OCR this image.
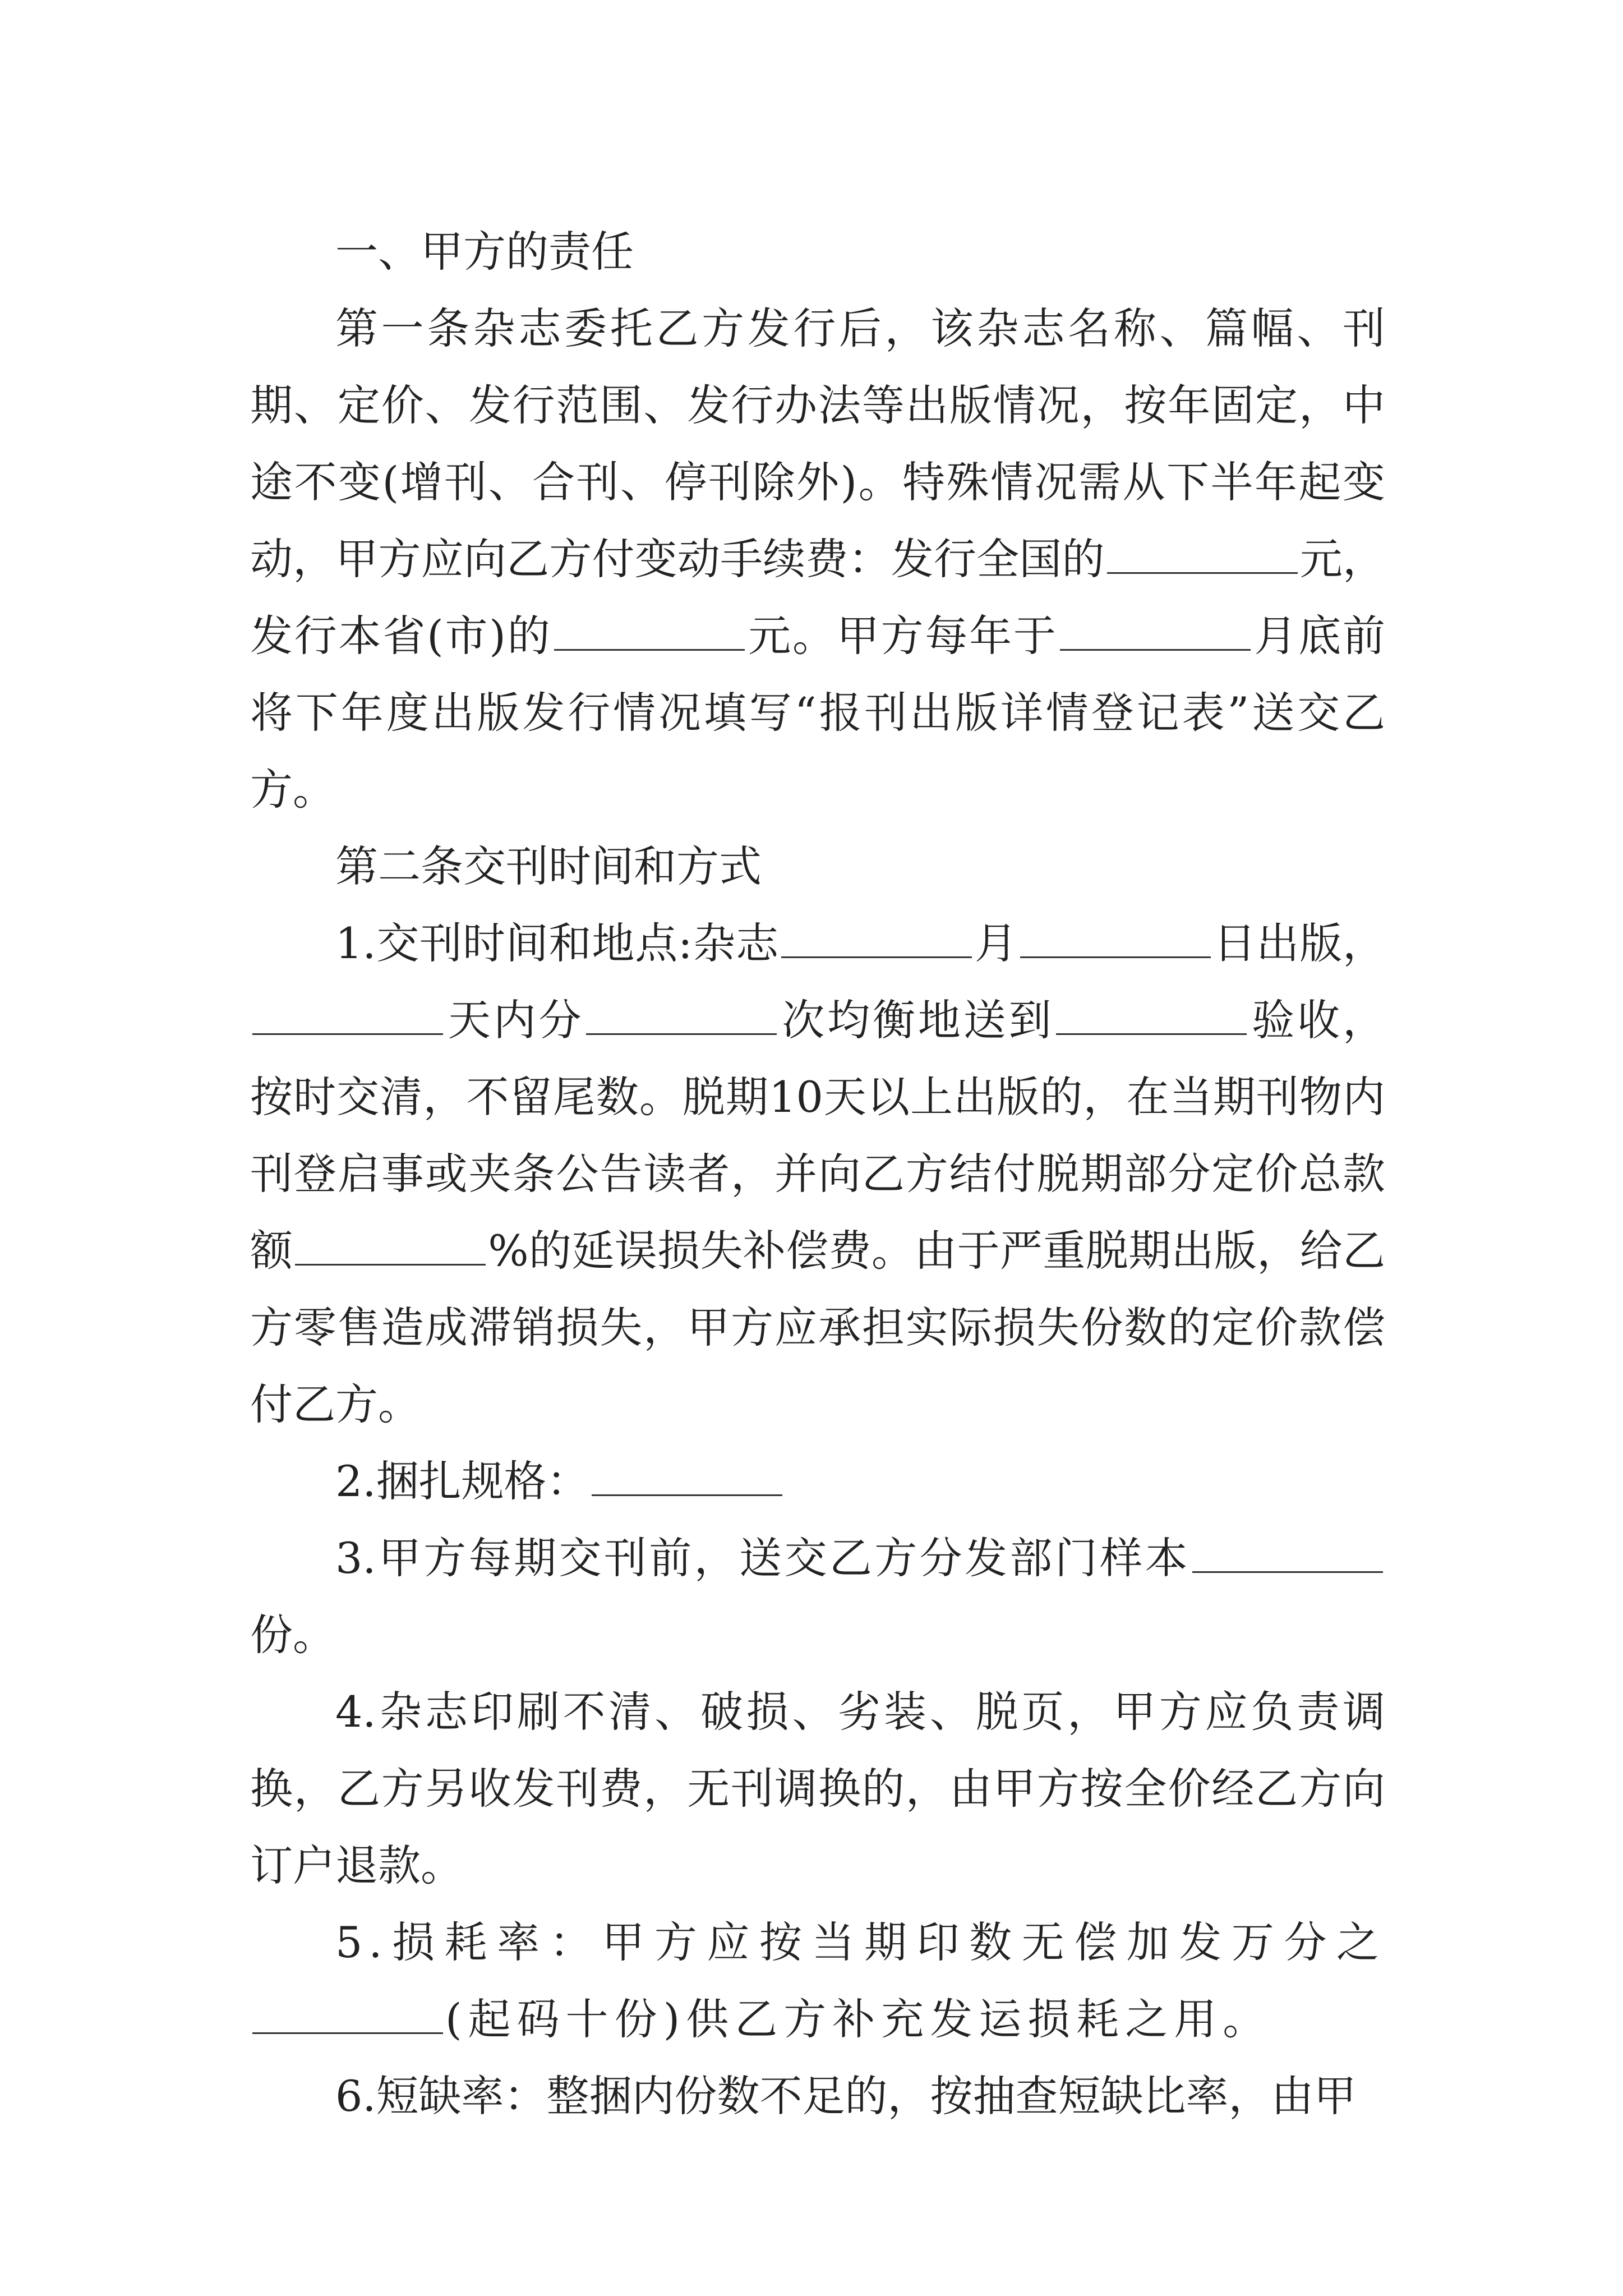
一、甲方的责任

第一条杂志委托乙方发行后，该杂志名称、篇幅、刊期、定价、发行范围、发行办法等出版情况，按年固定，中途不变(增刊、合刊、停刊除外)。特殊情况需从下半年起变动，甲方应向乙方付变动手续费：发行全国的	元，发行本省(市)的	元。甲方每年于	月底前将下年度出版发行情况填写“报刊出版详情登记表”送交乙方。

第二条交刊时间和方式

1.交刊时间和地点:杂志	月	日出版，天内分	次均衡地送到	验收，按时交清，不留尾数。脱期10天以上出版的，在当期刊物内刊登启事或夹条公告读者，并向乙方结付脱期部分定价总款额	%的延误损失补偿费。由于严重脱期出版，给乙方零售造成滞销损失，甲方应承担实际损失份数的定价款偿付乙方。

2.捆扎规格：

3.甲方每期交刊前，送交乙方分发部门样本份。

4.杂志印刷不清、破损、劣装、脱页，甲方应负责调换，乙方另收发刊费，无刊调换的，由甲方按全价经乙方向订户退款。

5.损耗率：甲方应按当期印数无偿加发万分之(起码十份)供乙方补充发运损耗之用。

6.短缺率：整捆内份数不足的，按抽查短缺比率，由甲
